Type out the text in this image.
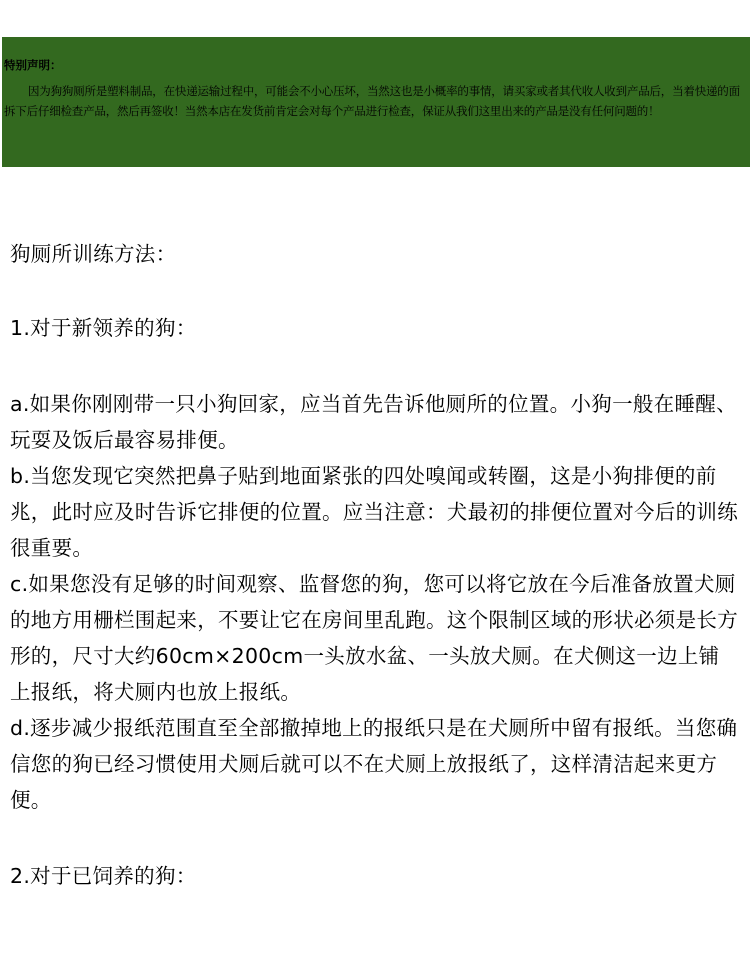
特别声明：

因为狗狗厕所是塑料制品，在快递运输过程中，可能会不小心压坏，当然这也是小概率的事情，请买家或者其代收人收到产品后，当着快递的面拆下后仔细检查产品，然后再签收！当然本店在发货前肯定会对每个产品进行检查，保证从我们这里出来的产品是没有任何问题的！

狗厕所训练方法：

1.对于新领养的狗：

a.如果你刚刚带一只小狗回家，应当首先告诉他厕所的位置。小狗一般在睡醒、玩耍及饭后最容易排便。

b.当您发现它突然把鼻子贴到地面紧张的四处嗅闻或转圈，这是小狗排便的前兆，此时应及时告诉它排便的位置。应当注意：犬最初的排便位置对今后的训练很重要。

c.如果您没有足够的时间观察、监督您的狗，您可以将它放在今后准备放置犬厕的地方用栅栏围起来，不要让它在房间里乱跑。这个限制区域的形状必须是长方形的，尺寸大约60cm×200cm一头放水盆、一头放犬厕。在犬侧这一边上铺上报纸，将犬厕内也放上报纸。

d.逐步减少报纸范围直至全部撤掉地上的报纸只是在犬厕所中留有报纸。当您确信您的狗已经习惯使用犬厕后就可以不在犬厕上放报纸了，这样清洁起来更方便。

2.对于已饲养的狗：
